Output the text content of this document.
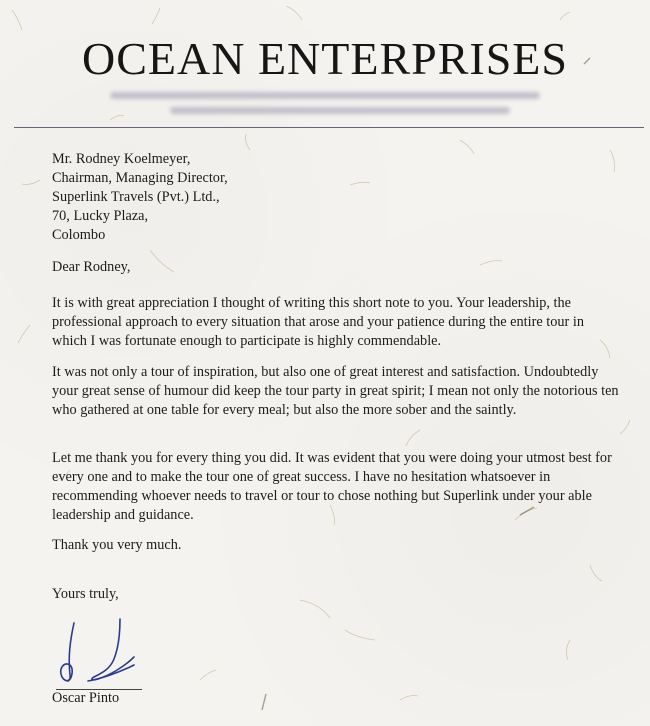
OCEAN ENTERPRISES
Mr. Rodney Koelmeyer,
Chairman, Managing Director,
Superlink Travels (Pvt.) Ltd.,
70, Lucky Plaza,
Colombo
Dear Rodney,
It is with great appreciation I thought of writing this short note to you. Your leadership, the professional approach to every situation that arose and your patience during the entire tour in which I was fortunate enough to participate is highly commendable.
It was not only a tour of inspiration, but also one of great interest and satisfaction. Undoubtedly your great sense of humour did keep the tour party in great spirit; I mean not only the notorious ten who gathered at one table for every meal; but also the more sober and the saintly.
Let me thank you for every thing you did. It was evident that you were doing your utmost best for every one and to make the tour one of great success. I have no hesitation whatsoever in recommending whoever needs to travel or tour to chose nothing but Superlink under your able leadership and guidance.
Thank you very much.
Yours truly,
Oscar Pinto
